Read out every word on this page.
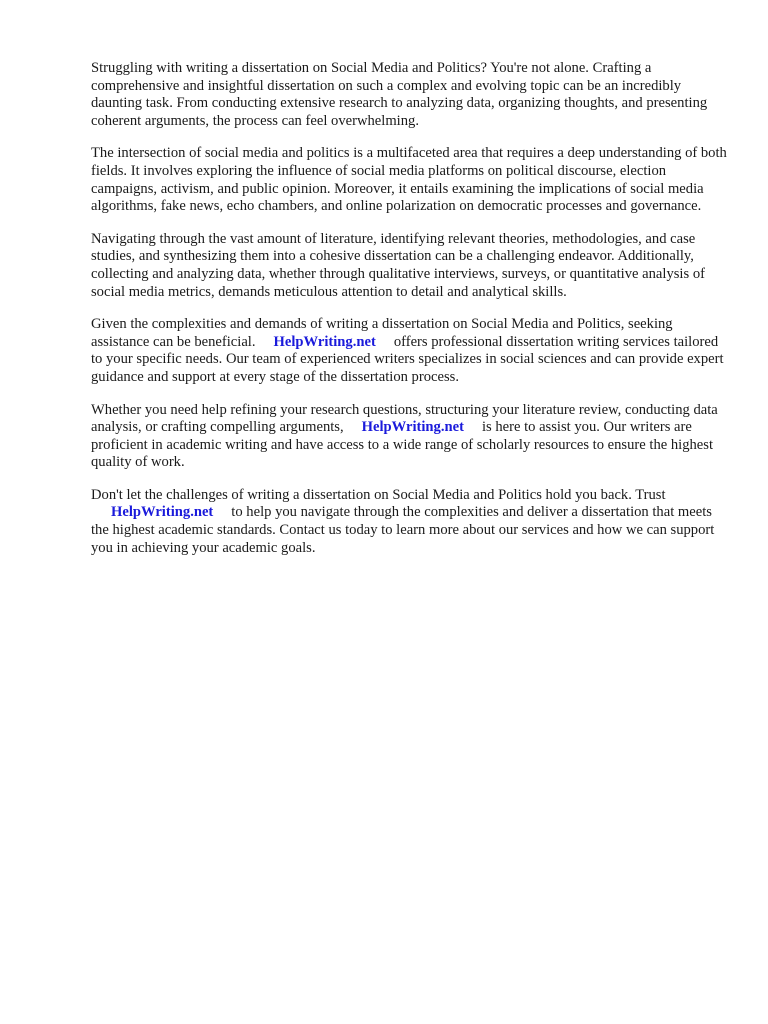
Struggling with writing a dissertation on Social Media and Politics? You're not alone. Crafting a comprehensive and insightful dissertation on such a complex and evolving topic can be an incredibly daunting task. From conducting extensive research to analyzing data, organizing thoughts, and presenting coherent arguments, the process can feel overwhelming.

The intersection of social media and politics is a multifaceted area that requires a deep understanding of both fields. It involves exploring the influence of social media platforms on political discourse, election campaigns, activism, and public opinion. Moreover, it entails examining the implications of social media algorithms, fake news, echo chambers, and online polarization on democratic processes and governance.

Navigating through the vast amount of literature, identifying relevant theories, methodologies, and case studies, and synthesizing them into a cohesive dissertation can be a challenging endeavor. Additionally, collecting and analyzing data, whether through qualitative interviews, surveys, or quantitative analysis of social media metrics, demands meticulous attention to detail and analytical skills.

Given the complexities and demands of writing a dissertation on Social Media and Politics, seeking assistance can be beneficial. HelpWriting.net offers professional dissertation writing services tailored to your specific needs. Our team of experienced writers specializes in social sciences and can provide expert guidance and support at every stage of the dissertation process.

Whether you need help refining your research questions, structuring your literature review, conducting data analysis, or crafting compelling arguments, HelpWriting.net is here to assist you. Our writers are proficient in academic writing and have access to a wide range of scholarly resources to ensure the highest quality of work.

Don't let the challenges of writing a dissertation on Social Media and Politics hold you back. TrustHelpWriting.net to help you navigate through the complexities and deliver a dissertation that meets the highest academic standards. Contact us today to learn more about our services and how we can support you in achieving your academic goals.
